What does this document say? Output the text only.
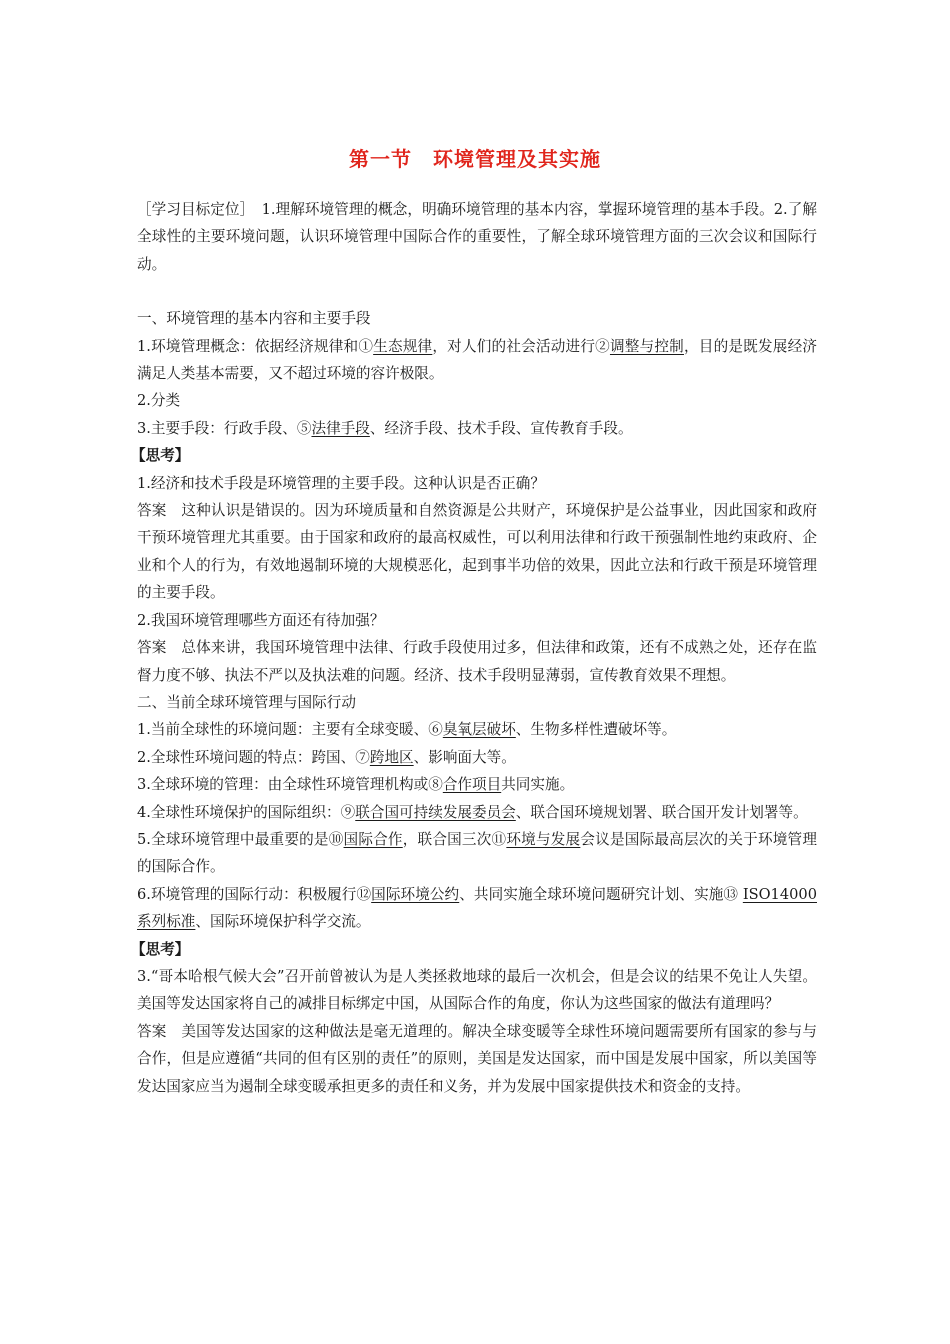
第一节　环境管理及其实施

［学习目标定位］　1.理解环境管理的概念，明确环境管理的基本内容，掌握环境管理的基本手段。2.了解全球性的主要环境问题，认识环境管理中国际合作的重要性，了解全球环境管理方面的三次会议和国际行动。

一、环境管理的基本内容和主要手段

1.环境管理概念：依据经济规律和①生态规律，对人们的社会活动进行②调整与控制，目的是既发展经济满足人类基本需要，又不超过环境的容许极限。

2.分类

3.主要手段：行政手段、⑤法律手段、经济手段、技术手段、宣传教育手段。

【思考】

1.经济和技术手段是环境管理的主要手段。这种认识是否正确？

答案　这种认识是错误的。因为环境质量和自然资源是公共财产，环境保护是公益事业，因此国家和政府干预环境管理尤其重要。由于国家和政府的最高权威性，可以利用法律和行政干预强制性地约束政府、企业和个人的行为，有效地遏制环境的大规模恶化，起到事半功倍的效果，因此立法和行政干预是环境管理的主要手段。

2.我国环境管理哪些方面还有待加强？

答案　总体来讲，我国环境管理中法律、行政手段使用过多，但法律和政策，还有不成熟之处，还存在监督力度不够、执法不严以及执法难的问题。经济、技术手段明显薄弱，宣传教育效果不理想。

二、当前全球环境管理与国际行动

1.当前全球性的环境问题：主要有全球变暖、⑥臭氧层破坏、生物多样性遭破坏等。

2.全球性环境问题的特点：跨国、⑦跨地区、影响面大等。

3.全球环境的管理：由全球性环境管理机构或⑧合作项目共同实施。

4.全球性环境保护的国际组织：⑨联合国可持续发展委员会、联合国环境规划署、联合国开发计划署等。

5.全球环境管理中最重要的是⑩国际合作，联合国三次⑪环境与发展会议是国际最高层次的关于环境管理的国际合作。

6.环境管理的国际行动：积极履行⑫国际环境公约、共同实施全球环境问题研究计划、实施⑬ ISO14000系列标准、国际环境保护科学交流。

【思考】

3.“哥本哈根气候大会”召开前曾被认为是人类拯救地球的最后一次机会，但是会议的结果不免让人失望。美国等发达国家将自己的减排目标绑定中国，从国际合作的角度，你认为这些国家的做法有道理吗？

答案　美国等发达国家的这种做法是毫无道理的。解决全球变暖等全球性环境问题需要所有国家的参与与合作，但是应遵循“共同的但有区别的责任”的原则，美国是发达国家，而中国是发展中国家，所以美国等发达国家应当为遏制全球变暖承担更多的责任和义务，并为发展中国家提供技术和资金的支持。
